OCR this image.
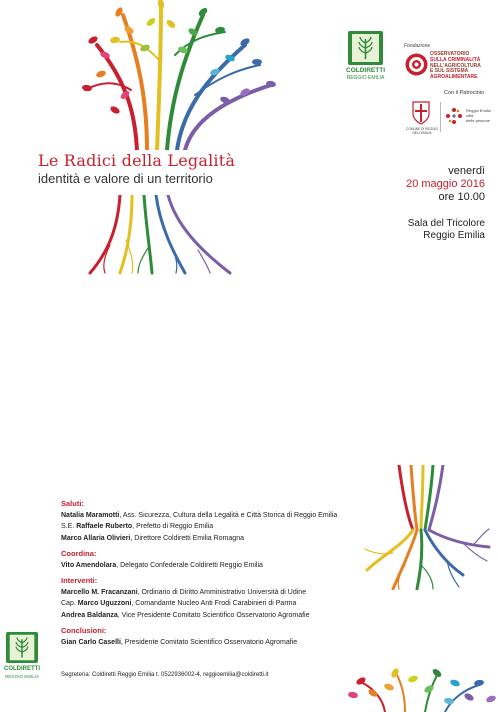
Le Radici della Legalità
identità e valore di un territorio
COLDIRETTI
REGGIO EMILIA
Fondazione
OSSERVATORIO
SULLA CRIMINALITÀ
NELL'AGRICOLTURA
E SUL SISTEMA
AGROALIMENTARE
Con il Patrocinio
COMUNE DI REGGIO NELL'EMILIA
Reggio Emilia
città
delle persone
venerdì
20 maggio 2016
ore 10.00
Sala del Tricolore
Reggio Emilia
Saluti:
Natalia Maramotti, Ass. Sicurezza, Cultura della Legalità e Città Storica di Reggio Emilia
S.E. Raffaele Ruberto, Prefetto di Reggio Emilia
Marco Allaria Olivieri, Direttore Coldiretti Emilia Romagna
Coordina:
Vito Amendolara, Delegato Confederale Coldiretti Reggio Emilia
Interventi:
Marcello M. Fracanzani, Ordinario di Diritto Amministrativo Università di Udine
Cap. Marco Uguzzoni, Comandante Nucleo Anti Frodi Carabinieri di Parma
Andrea Baldanza, Vice Presidente Comitato Scientifico Osservatorio Agromafie
Conclusioni:
Gian Carlo Caselli, Presidente Comitato Scientifico Osservatorio Agromafie
COLDIRETTI
REGGIO EMILIA	Segreteria: Coldiretti Reggio Emilia t. 0522936002-4, reggioemilia@coldiretti.it
